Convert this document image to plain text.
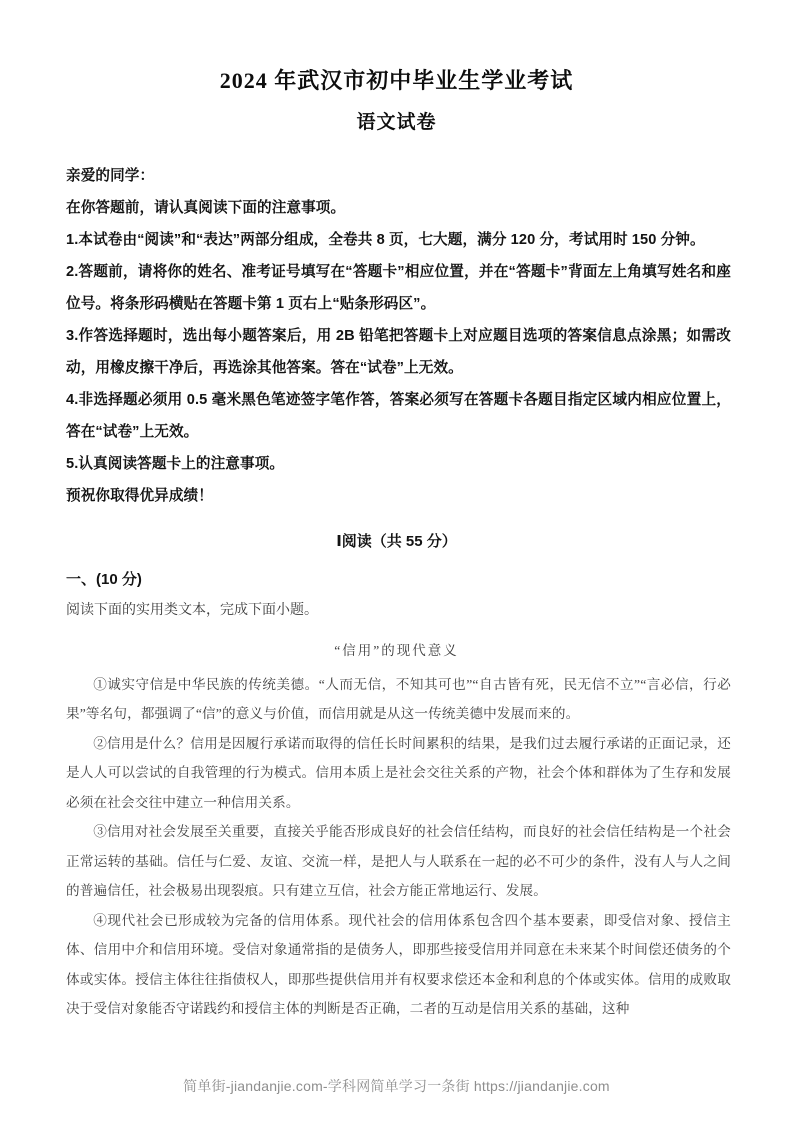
2024 年武汉市初中毕业生学业考试
语文试卷

亲爱的同学：

在你答题前，请认真阅读下面的注意事项。

1.本试卷由“阅读”和“表达”两部分组成，全卷共 8 页，七大题，满分 120 分，考试用时 150 分钟。

2.答题前，请将你的姓名、准考证号填写在“答题卡”相应位置，并在“答题卡”背面左上角填写姓名和座位号。将条形码横贴在答题卡第 1 页右上“贴条形码区”。

3.作答选择题时，选出每小题答案后，用 2B 铅笔把答题卡上对应题目选项的答案信息点涂黑；如需改动，用橡皮擦干净后，再选涂其他答案。答在“试卷”上无效。

4.非选择题必须用 0.5 毫米黑色笔迹签字笔作答，答案必须写在答题卡各题目指定区域内相应位置上，答在“试卷”上无效。

5.认真阅读答题卡上的注意事项。

预祝你取得优异成绩！

Ⅰ阅读（共 55 分）

一、(10 分)

阅读下面的实用类文本，完成下面小题。

“信用”的现代意义

①诚实守信是中华民族的传统美德。“人而无信，不知其可也”“自古皆有死，民无信不立”“言必信，行必果”等名句，都强调了“信”的意义与价值，而信用就是从这一传统美德中发展而来的。

②信用是什么？信用是因履行承诺而取得的信任长时间累积的结果，是我们过去履行承诺的正面记录，还是人人可以尝试的自我管理的行为模式。信用本质上是社会交往关系的产物，社会个体和群体为了生存和发展必须在社会交往中建立一种信用关系。

③信用对社会发展至关重要，直接关乎能否形成良好的社会信任结构，而良好的社会信任结构是一个社会正常运转的基础。信任与仁爱、友谊、交流一样，是把人与人联系在一起的必不可少的条件，没有人与人之间的普遍信任，社会极易出现裂痕。只有建立互信，社会方能正常地运行、发展。

④现代社会已形成较为完备的信用体系。现代社会的信用体系包含四个基本要素，即受信对象、授信主体、信用中介和信用环境。受信对象通常指的是债务人，即那些接受信用并同意在未来某个时间偿还债务的个体或实体。授信主体往往指债权人，即那些提供信用并有权要求偿还本金和利息的个体或实体。信用的成败取决于受信对象能否守诺践约和授信主体的判断是否正确，二者的互动是信用关系的基础，这种

简单街-jiandanjie.com-学科网简单学习一条街 https://jiandanjie.com
